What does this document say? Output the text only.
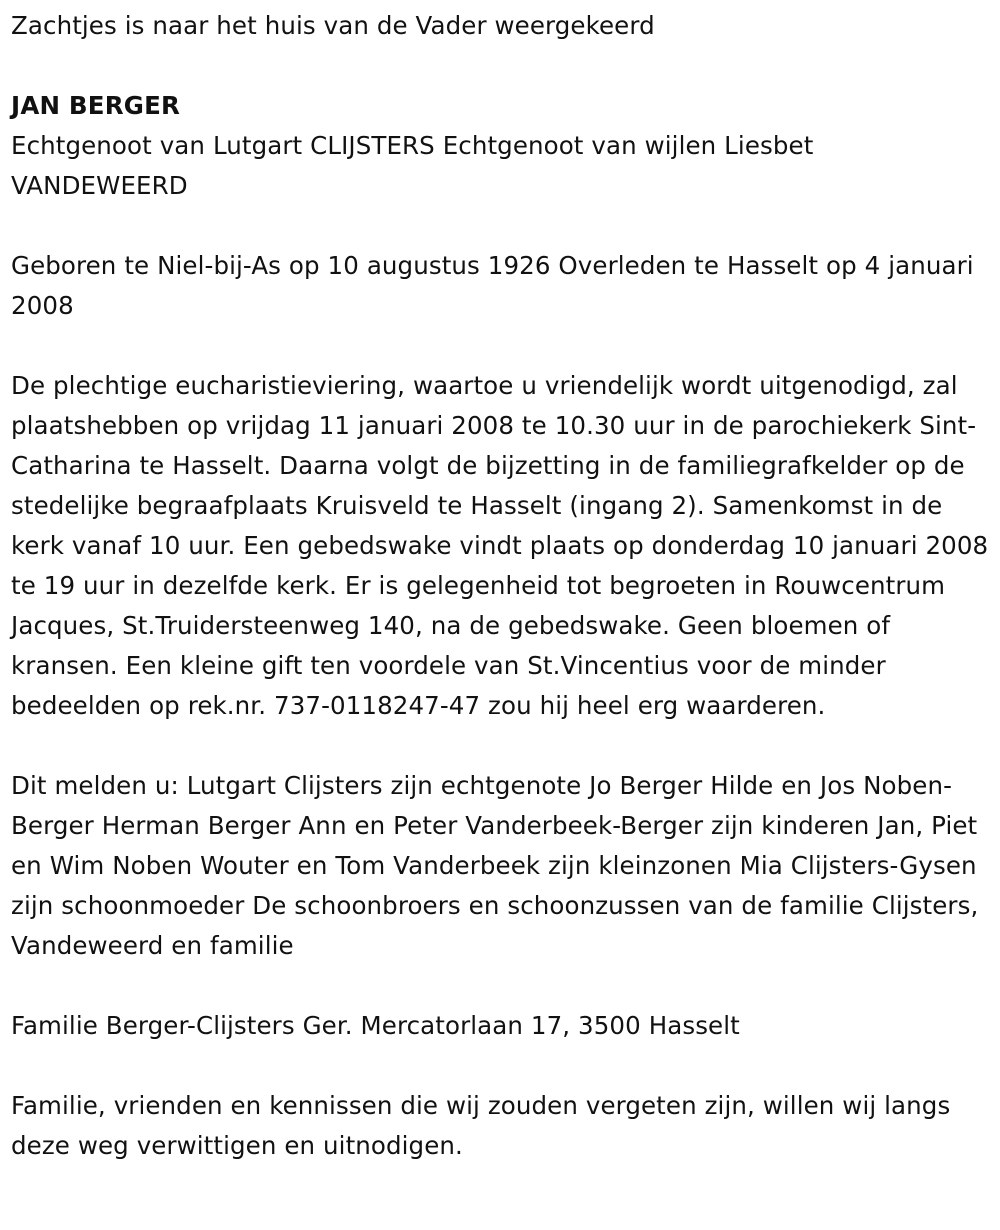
Zachtjes is naar het huis van de Vader weergekeerd

JAN BERGER

Echtgenoot van Lutgart CLIJSTERS Echtgenoot van wijlen Liesbet VANDEWEERD

Geboren te Niel-bij-As op 10 augustus 1926 Overleden te Hasselt op 4 januari 2008

De plechtige eucharistieviering, waartoe u vriendelijk wordt uitgenodigd, zal plaatshebben op vrijdag 11 januari 2008 te 10.30 uur in de parochiekerk Sint-Catharina te Hasselt. Daarna volgt de bijzetting in de familiegrafkelder op de stedelijke begraafplaats Kruisveld te Hasselt (ingang 2). Samenkomst in de kerk vanaf 10 uur. Een gebedswake vindt plaats op donderdag 10 januari 2008 te 19 uur in dezelfde kerk. Er is gelegenheid tot begroeten in Rouwcentrum Jacques, St.Truidersteenweg 140, na de gebedswake. Geen bloemen of kransen. Een kleine gift ten voordele van St.Vincentius voor de minder bedeelden op rek.nr. 737-0118247-47 zou hij heel erg waarderen.

Dit melden u: Lutgart Clijsters zijn echtgenote Jo Berger Hilde en Jos Noben-Berger Herman Berger Ann en Peter Vanderbeek-Berger zijn kinderen Jan, Piet en Wim Noben Wouter en Tom Vanderbeek zijn kleinzonen Mia Clijsters-Gysen zijn schoonmoeder De schoonbroers en schoonzussen van de familie Clijsters, Vandeweerd en familie

Familie Berger-Clijsters Ger. Mercatorlaan 17, 3500 Hasselt

Familie, vrienden en kennissen die wij zouden vergeten zijn, willen wij langs deze weg verwittigen en uitnodigen.
